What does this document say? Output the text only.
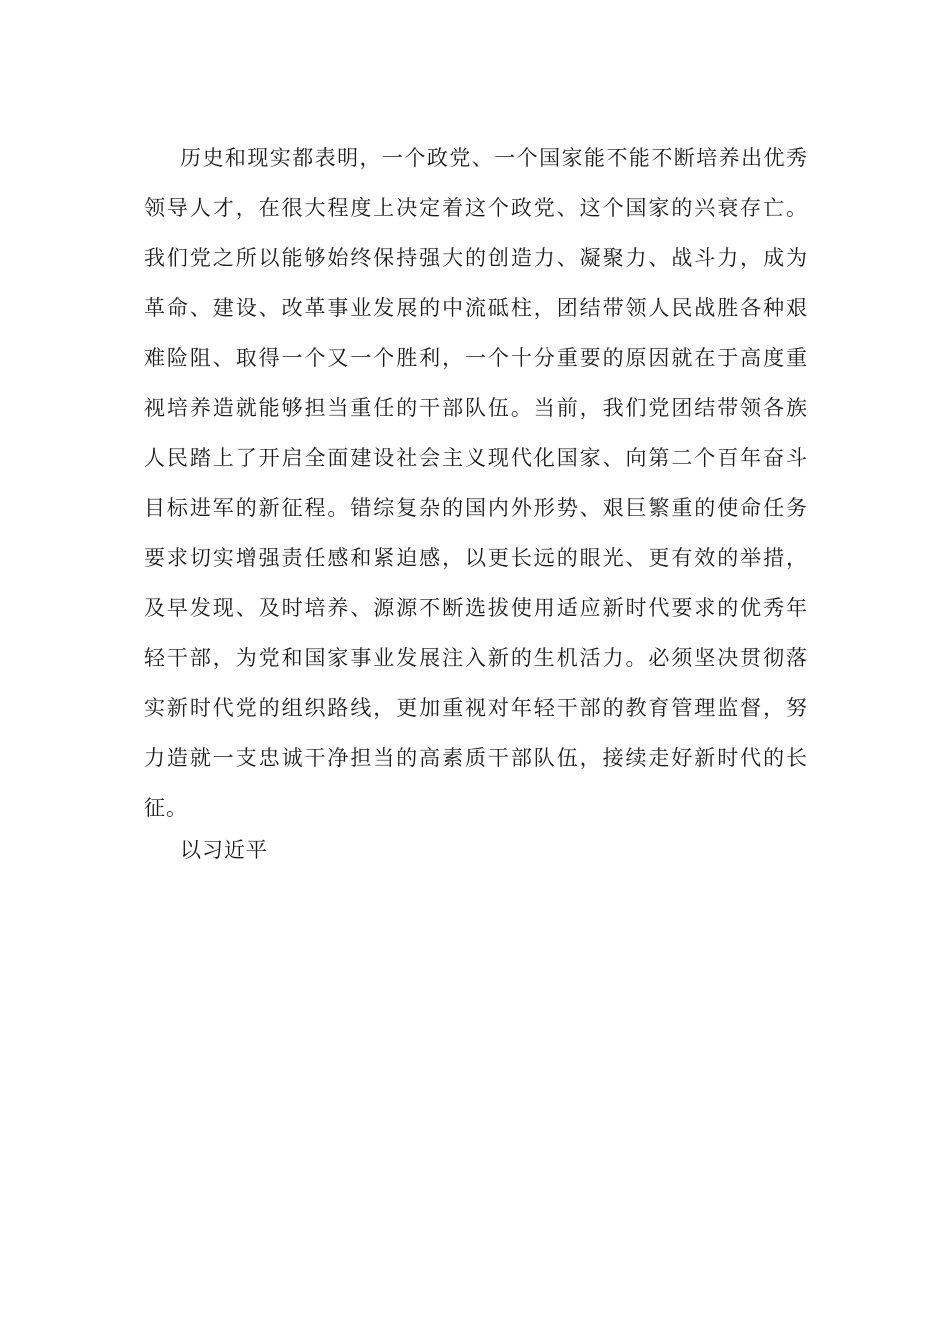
历史和现实都表明，一个政党、一个国家能不能不断培养出优秀
领导人才，在很大程度上决定着这个政党、这个国家的兴衰存亡。
我们党之所以能够始终保持强大的创造力、凝聚力、战斗力，成为
革命、建设、改革事业发展的中流砥柱，团结带领人民战胜各种艰
难险阻、取得一个又一个胜利，一个十分重要的原因就在于高度重
视培养造就能够担当重任的干部队伍。当前，我们党团结带领各族
人民踏上了开启全面建设社会主义现代化国家、向第二个百年奋斗
目标进军的新征程。错综复杂的国内外形势、艰巨繁重的使命任务
要求切实增强责任感和紧迫感，以更长远的眼光、更有效的举措，
及早发现、及时培养、源源不断选拔使用适应新时代要求的优秀年
轻干部，为党和国家事业发展注入新的生机活力。必须坚决贯彻落
实新时代党的组织路线，更加重视对年轻干部的教育管理监督，努
力造就一支忠诚干净担当的高素质干部队伍，接续走好新时代的长
征。
以习近平
